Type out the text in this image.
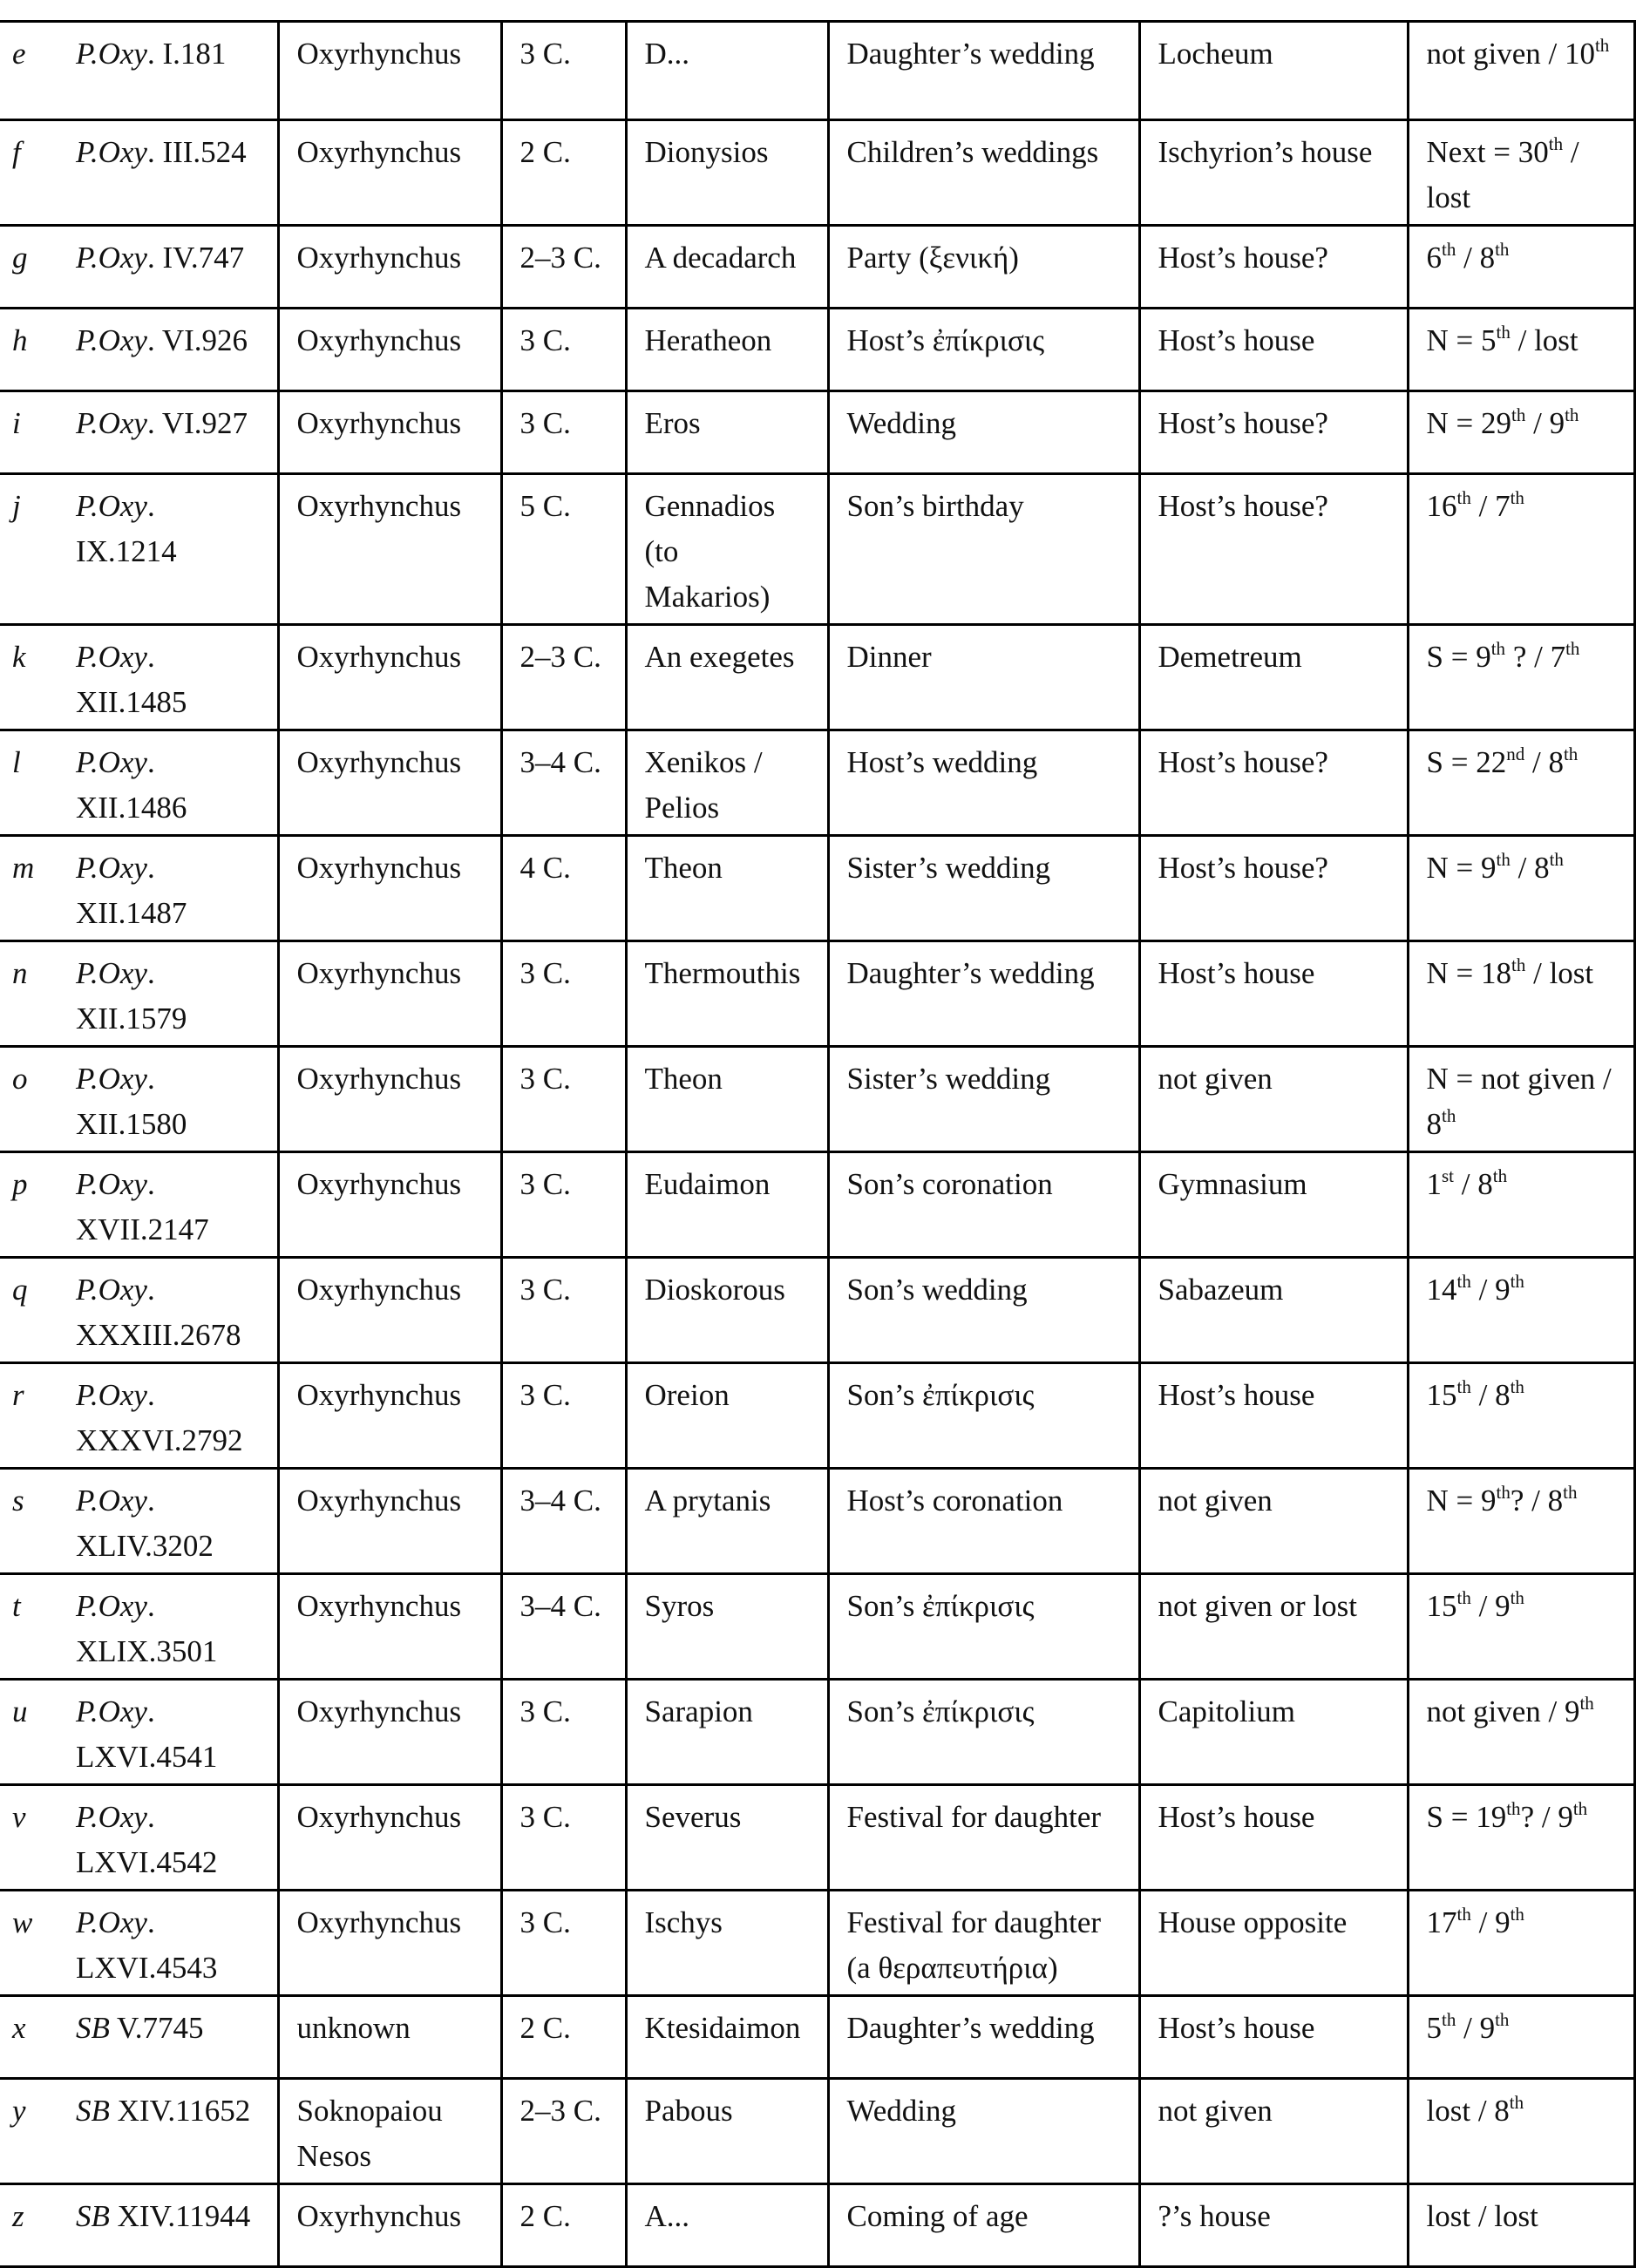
e	P.Oxy. I.181	Oxyrhynchus	3 C.	D...	Daughter’s wedding	Locheum	not given / 10th
f	P.Oxy. III.524	Oxyrhynchus	2 C.	Dionysios	Children’s weddings	Ischyrion’s house	Next = 30th / lost
g	P.Oxy. IV.747	Oxyrhynchus	2–3 C.	A decadarch	Party (ξενική)	Host’s house?	6th / 8th
h	P.Oxy. VI.926	Oxyrhynchus	3 C.	Heratheon	Host’s ἐπίκρισις	Host’s house	N = 5th / lost
i	P.Oxy. VI.927	Oxyrhynchus	3 C.	Eros	Wedding	Host’s house?	N = 29th / 9th
j	P.Oxy. IX.1214	Oxyrhynchus	5 C.	Gennadios (to Makarios)	Son’s birthday	Host’s house?	16th / 7th
k	P.Oxy. XII.1485	Oxyrhynchus	2–3 C.	An exegetes	Dinner	Demetreum	S = 9th ? / 7th
l	P.Oxy. XII.1486	Oxyrhynchus	3–4 C.	Xenikos / Pelios	Host’s wedding	Host’s house?	S = 22nd / 8th
m	P.Oxy. XII.1487	Oxyrhynchus	4 C.	Theon	Sister’s wedding	Host’s house?	N = 9th / 8th
n	P.Oxy. XII.1579	Oxyrhynchus	3 C.	Thermouthis	Daughter’s wedding	Host’s house	N = 18th / lost
o	P.Oxy. XII.1580	Oxyrhynchus	3 C.	Theon	Sister’s wedding	not given	N = not given / 8th
p	P.Oxy. XVII.2147	Oxyrhynchus	3 C.	Eudaimon	Son’s coronation	Gymnasium	1st / 8th
q	P.Oxy. XXXIII.2678	Oxyrhynchus	3 C.	Dioskorous	Son’s wedding	Sabazeum	14th / 9th
r	P.Oxy. XXXVI.2792	Oxyrhynchus	3 C.	Oreion	Son’s ἐπίκρισις	Host’s house	15th / 8th
s	P.Oxy. XLIV.3202	Oxyrhynchus	3–4 C.	A prytanis	Host’s coronation	not given	N = 9th? / 8th
t	P.Oxy. XLIX.3501	Oxyrhynchus	3–4 C.	Syros	Son’s ἐπίκρισις	not given or lost	15th / 9th
u	P.Oxy. LXVI.4541	Oxyrhynchus	3 C.	Sarapion	Son’s ἐπίκρισις	Capitolium	not given / 9th
v	P.Oxy. LXVI.4542	Oxyrhynchus	3 C.	Severus	Festival for daughter	Host’s house	S = 19th? / 9th
w	P.Oxy. LXVI.4543	Oxyrhynchus	3 C.	Ischys	Festival for daughter (a θεραπευτήρια)	House opposite	17th / 9th
x	SB V.7745	unknown	2 C.	Ktesidaimon	Daughter’s wedding	Host’s house	5th / 9th
y	SB XIV.11652	Soknopaiou Nesos	2–3 C.	Pabous	Wedding	not given	lost / 8th
z	SB XIV.11944	Oxyrhynchus	2 C.	A...	Coming of age	?’s house	lost / lost
